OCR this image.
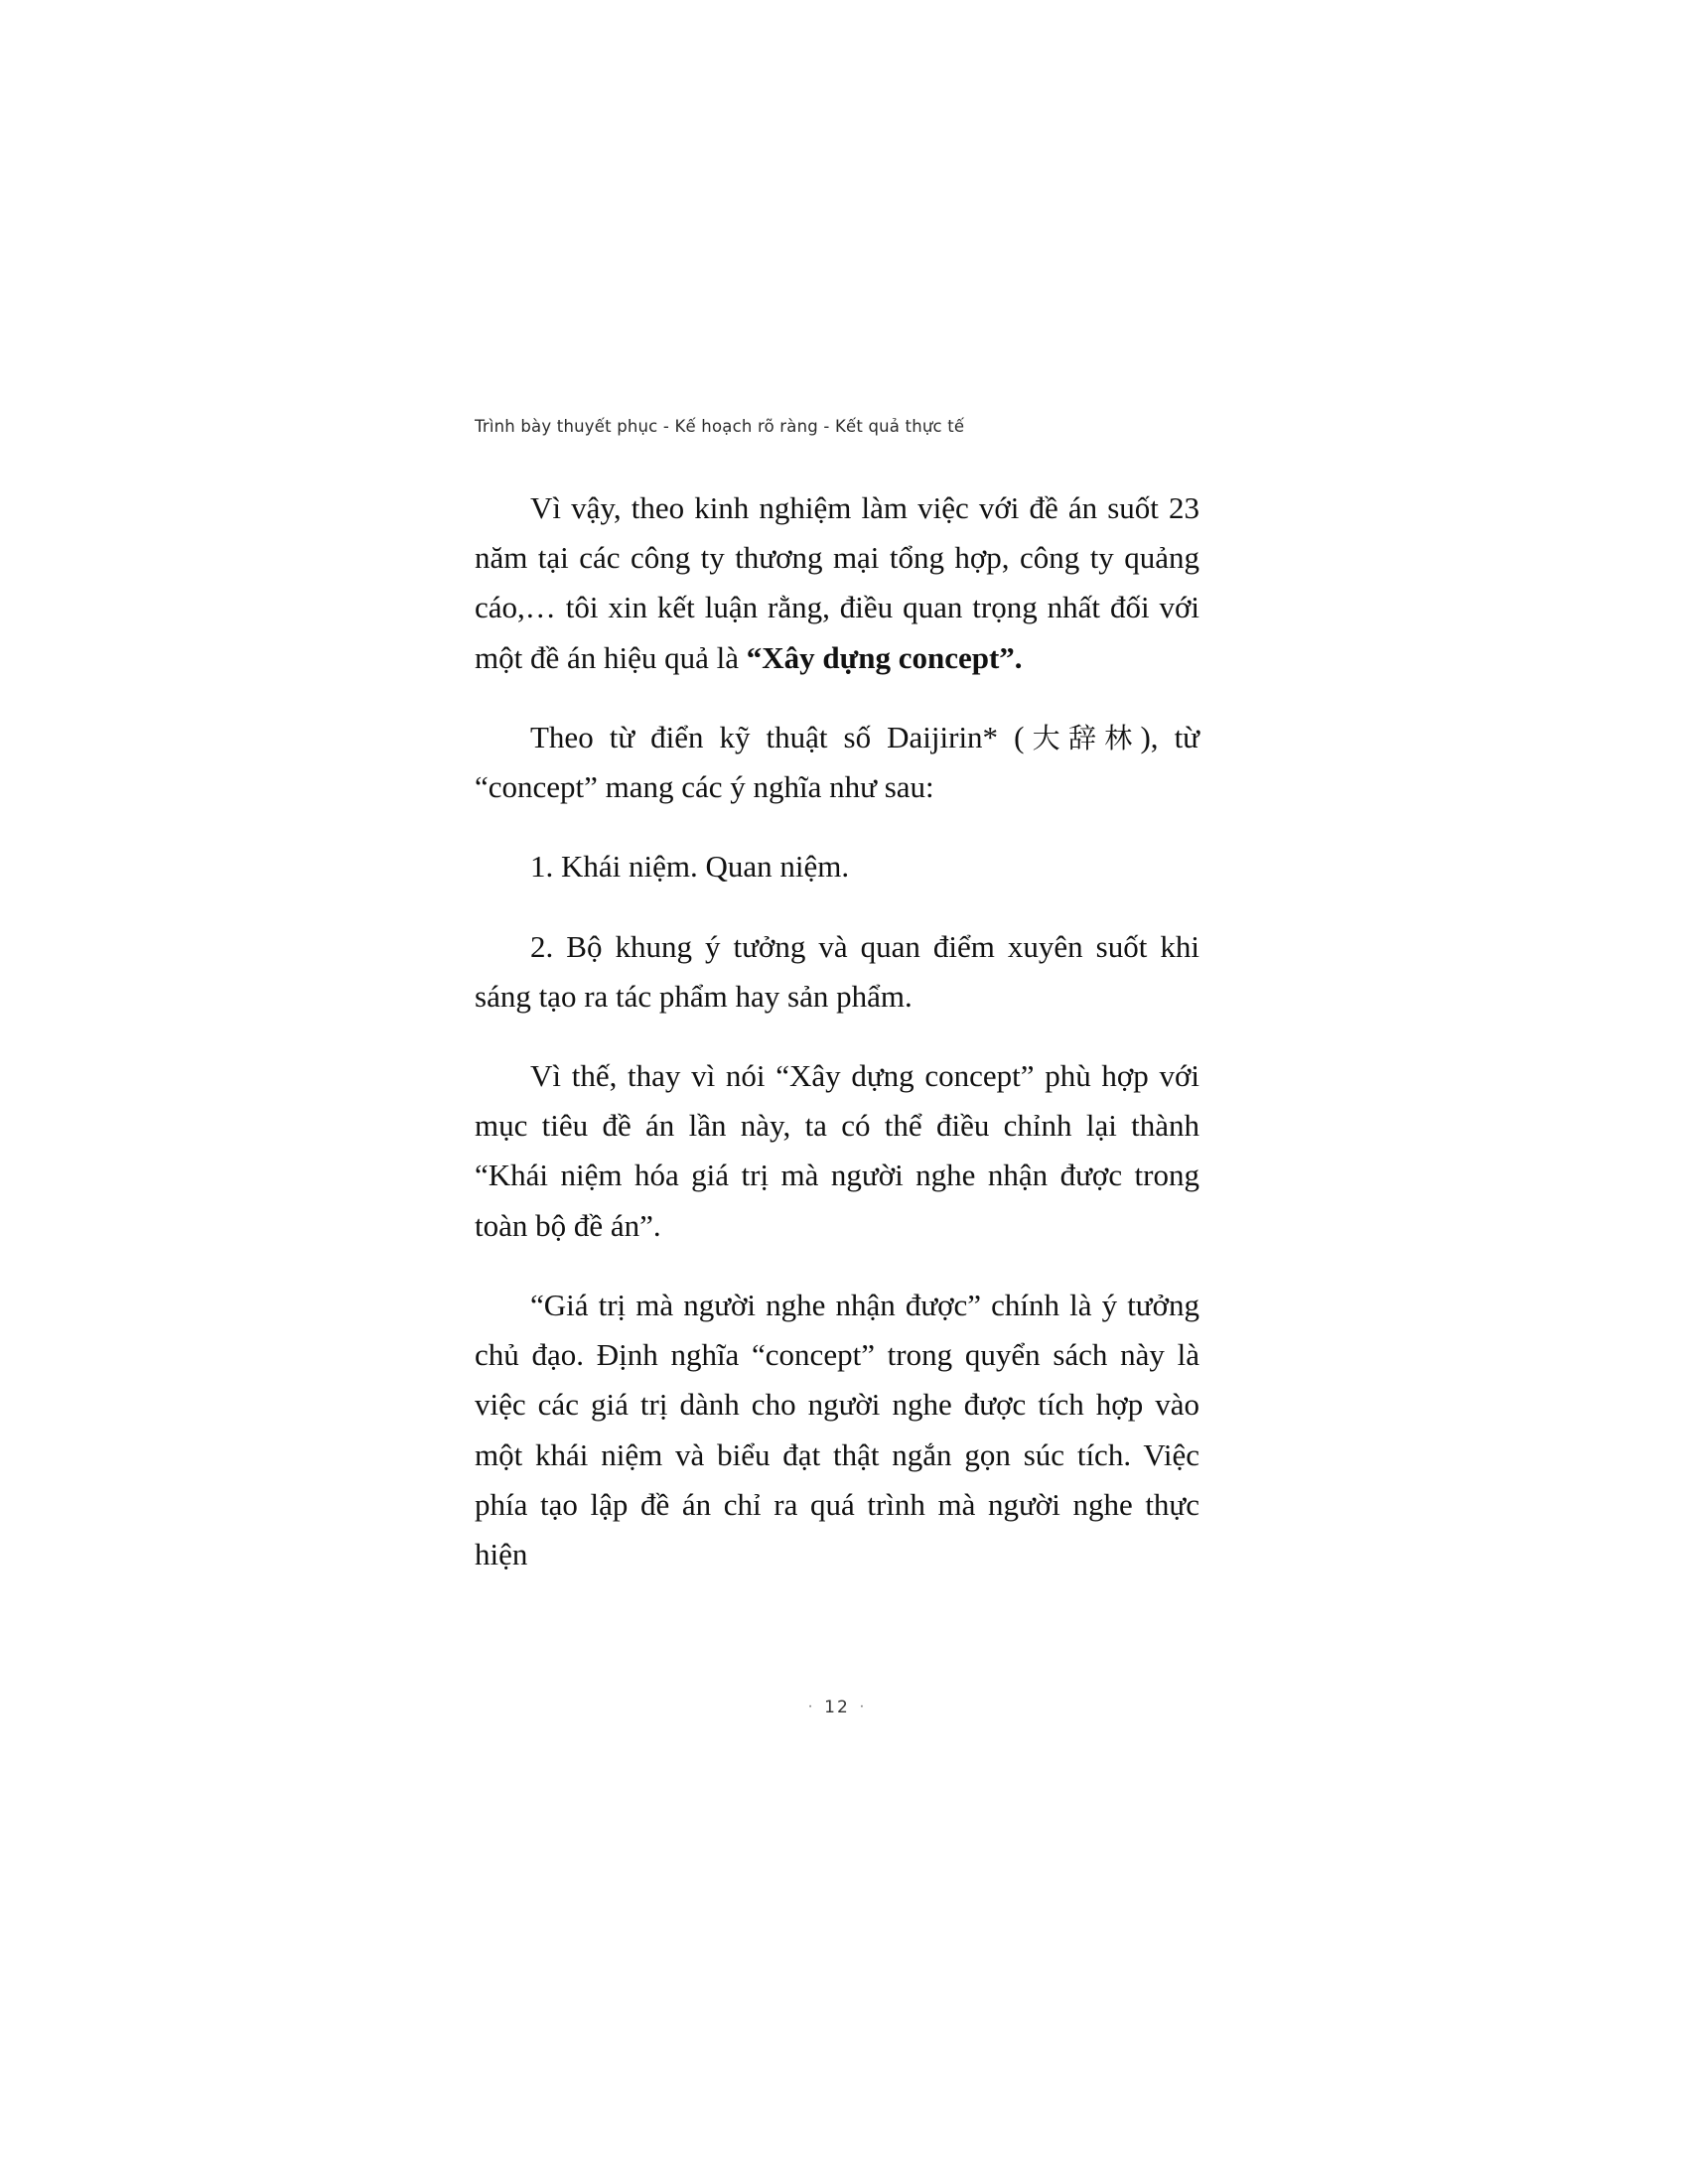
Trình bày thuyết phục - Kế hoạch rõ ràng - Kết quả thực tế

Vì vậy, theo kinh nghiệm làm việc với đề án suốt 23 năm tại các công ty thương mại tổng hợp, công ty quảng cáo,… tôi xin kết luận rằng, điều quan trọng nhất đối với một đề án hiệu quả là “Xây dựng concept”.

Theo từ điển kỹ thuật số Daijirin* (大辞林), từ “concept” mang các ý nghĩa như sau:

1. Khái niệm. Quan niệm.

2. Bộ khung ý tưởng và quan điểm xuyên suốt khi sáng tạo ra tác phẩm hay sản phẩm.

Vì thế, thay vì nói “Xây dựng concept” phù hợp với mục tiêu đề án lần này, ta có thể điều chỉnh lại thành “Khái niệm hóa giá trị mà người nghe nhận được trong toàn bộ đề án”.

“Giá trị mà người nghe nhận được” chính là ý tưởng chủ đạo. Định nghĩa “concept” trong quyển sách này là việc các giá trị dành cho người nghe được tích hợp vào một khái niệm và biểu đạt thật ngắn gọn súc tích. Việc phía tạo lập đề án chỉ ra quá trình mà người nghe thực hiện

· 12 ·
